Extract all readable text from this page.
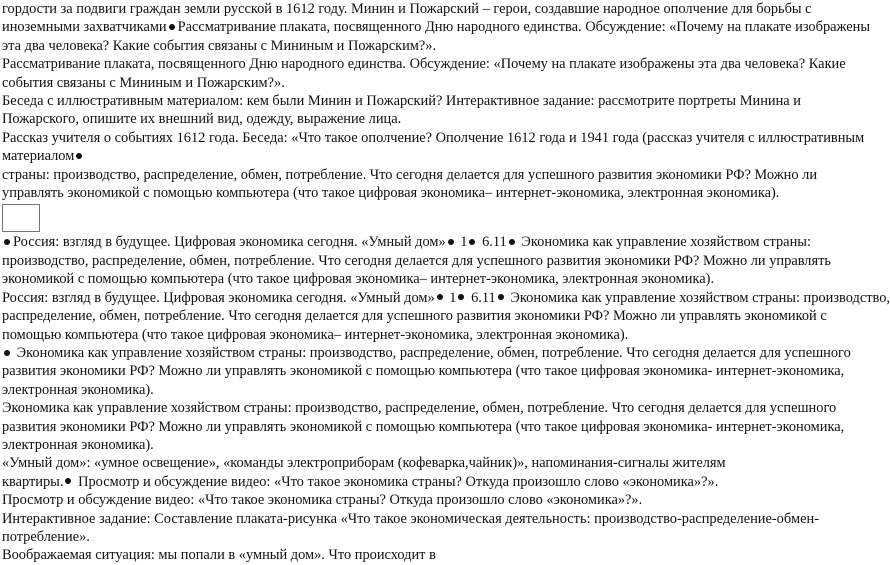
гордости за подвиги граждан земли русской в 1612 году. Минин и Пожарский – герои, создавшие народное ополчение для борьбы с
иноземными захватчиками Рассматривание плаката, посвященного Дню народного единства. Обсуждение: «Почему на плакате изображены
эта два человека? Какие события связаны с Мининым и Пожарским?».
Рассматривание плаката, посвященного Дню народного единства. Обсуждение: «Почему на плакате изображены эта два человека? Какие
события связаны с Мининым и Пожарским?».
Беседа с иллюстративным материалом: кем были Минин и Пожарский? Интерактивное задание: рассмотрите портреты Минина и
Пожарского, опишите их внешний вид, одежду, выражение лица.
Рассказ учителя о событиях 1612 года. Беседа: «Что такое ополчение? Ополчение 1612 года и 1941 года (рассказ учителя с иллюстративным
материалом
страны: производство, распределение, обмен, потребление. Что сегодня делается для успешного развития экономики РФ? Можно ли
управлять экономикой с помощью компьютера (что такое цифровая экономика– интернет-экономика, электронная экономика).
Россия: взгляд в будущее. Цифровая экономика сегодня. «Умный дом» 1 6.11 Экономика как управление хозяйством страны:
производство, распределение, обмен, потребление. Что сегодня делается для успешного развития экономики РФ? Можно ли управлять
экономикой с помощью компьютера (что такое цифровая экономика– интернет-экономика, электронная экономика).
Россия: взгляд в будущее. Цифровая экономика сегодня. «Умный дом» 1 6.11 Экономика как управление хозяйством страны: производство,
распределение, обмен, потребление. Что сегодня делается для успешного развития экономики РФ? Можно ли управлять экономикой с
помощью компьютера (что такое цифровая экономика– интернет-экономика, электронная экономика).
Экономика как управление хозяйством страны: производство, распределение, обмен, потребление. Что сегодня делается для успешного
развития экономики РФ? Можно ли управлять экономикой с помощью компьютера (что такое цифровая экономика- интернет-экономика,
электронная экономика).
Экономика как управление хозяйством страны: производство, распределение, обмен, потребление. Что сегодня делается для успешного
развития экономики РФ? Можно ли управлять экономикой с помощью компьютера (что такое цифровая экономика- интернет-экономика,
электронная экономика).
«Умный дом»: «умное освещение», «команды электроприборам (кофеварка,чайник)», напоминания-сигналы жителям
квартиры. Просмотр и обсуждение видео: «Что такое экономика страны? Откуда произошло слово «экономика»?».
Просмотр и обсуждение видео: «Что такое экономика страны? Откуда произошло слово «экономика»?».
Интерактивное задание: Составление плаката-рисунка «Что такое экономическая деятельность: производство-распределение-обмен-
потребление».
Воображаемая ситуация: мы попали в «умный дом». Что происходит в
